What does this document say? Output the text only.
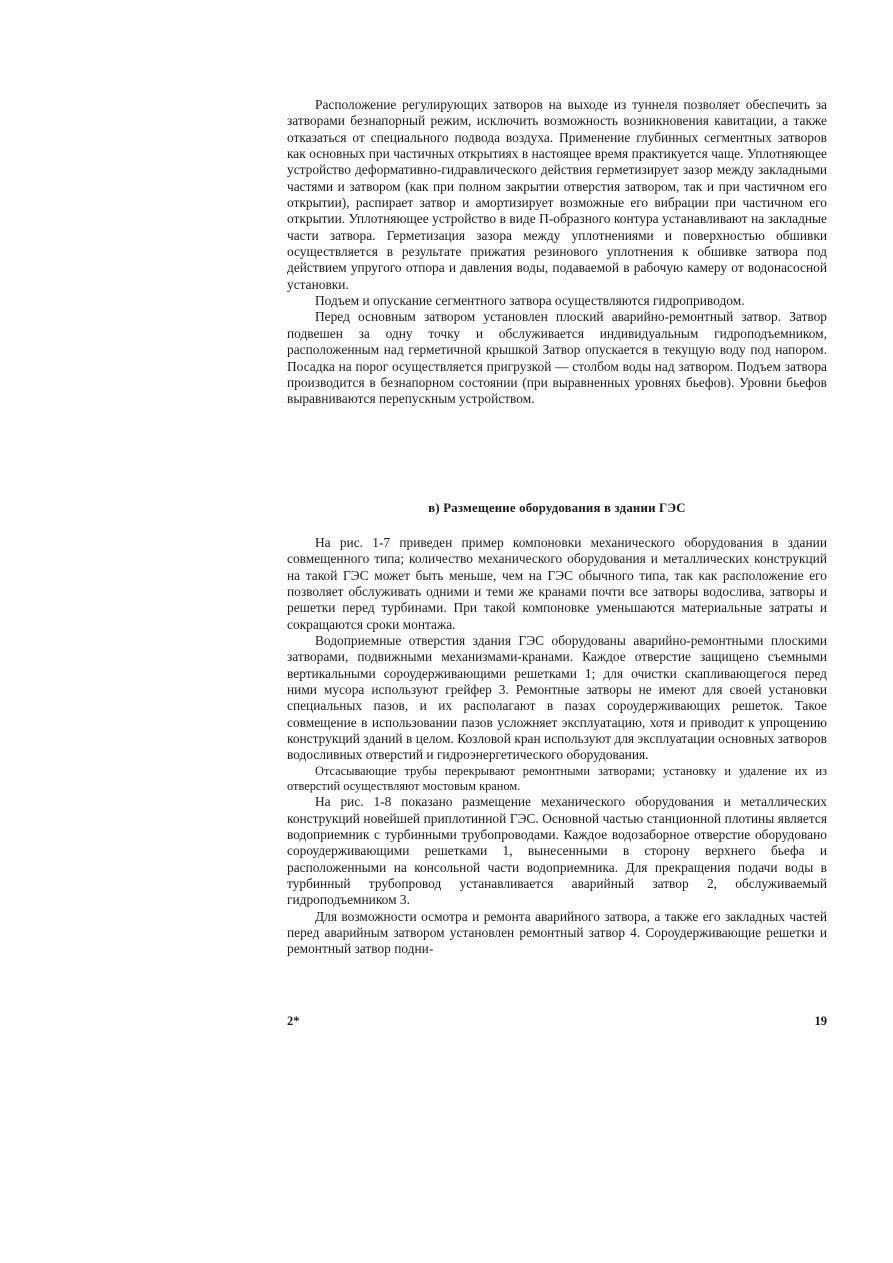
Расположение регулирующих затворов на выходе из туннеля позволяет обеспечить за затворами безнапорный режим, исключить возможность возникновения кавитации, а также отказаться от специального подвода воздуха. Применение глубинных сегментных затворов как основных при частичных открытиях в настоящее время практикуется чаще. Уплотняющее устройство деформативно-гидравлического действия герметизирует зазор между закладными частями и затвором (как при полном закрытии отверстия затвором, так и при частичном его открытии), распирает затвор и амортизирует возможные его вибрации при частичном его открытии. Уплотняющее устройство в виде П-образного контура устанавливают на закладные части затвора. Герметизация зазора между уплотнениями и поверхностью обшивки осуществляется в результате прижатия резинового уплотнения к обшивке затвора под действием упругого отпора и давления воды, подаваемой в рабочую камеру от водонасосной установки.

Подъем и опускание сегментного затвора осуществляются гидроприводом.

Перед основным затвором установлен плоский аварийно-ремонтный затвор. Затвор подвешен за одну точку и обслуживается индивидуальным гидроподъемником, расположенным над герметичной крышкой Затвор опускается в текущую воду под напором. Посадка на порог осуществляется пригрузкой — столбом воды над затвором. Подъем затвора производится в безнапорном состоянии (при выравненных уровнях бьефов). Уровни бьефов выравниваются перепускным устройством.

в) Размещение оборудования в здании ГЭС

На рис. 1-7 приведен пример компоновки механического оборудования в здании совмещенного типа; количество механического оборудования и металлических конструкций на такой ГЭС может быть меньше, чем на ГЭС обычного типа, так как расположение его позволяет обслуживать одними и теми же кранами почти все затворы водослива, затворы и решетки перед турбинами. При такой компоновке уменьшаются материальные затраты и сокращаются сроки монтажа.

Водоприемные отверстия здания ГЭС оборудованы аварийно-ремонтными плоскими затворами, подвижными механизмами-кранами. Каждое отверстие защищено съемными вертикальными сороудерживающими решетками 1; для очистки скапливающегося перед ними мусора используют грейфер 3. Ремонтные затворы не имеют для своей установки специальных пазов, и их располагают в пазах сороудерживающих решеток. Такое совмещение в использовании пазов усложняет эксплуатацию, хотя и приводит к упрощению конструкций зданий в целом. Козловой кран используют для эксплуатации основных затворов водосливных отверстий и гидроэнергетического оборудования.

Отсасывающие трубы перекрывают ремонтными затворами; установку и удаление их из отверстий осуществляют мостовым краном.

На рис. 1-8 показано размещение механического оборудования и металлических конструкций новейшей приплотинной ГЭС. Основной частью станционной плотины является водоприемник с турбинными трубопроводами. Каждое водозаборное отверстие оборудовано сороудерживающими решетками 1, вынесенными в сторону верхнего бьефа и расположенными на консольной части водоприемника. Для прекращения подачи воды в турбинный трубопровод устанавливается аварийный затвор 2, обслуживаемый гидроподъемником 3.

Для возможности осмотра и ремонта аварийного затвора, а также его закладных частей перед аварийным затвором установлен ремонтный затвор 4. Сороудерживающие решетки и ремонтный затвор подни-

2*	19
